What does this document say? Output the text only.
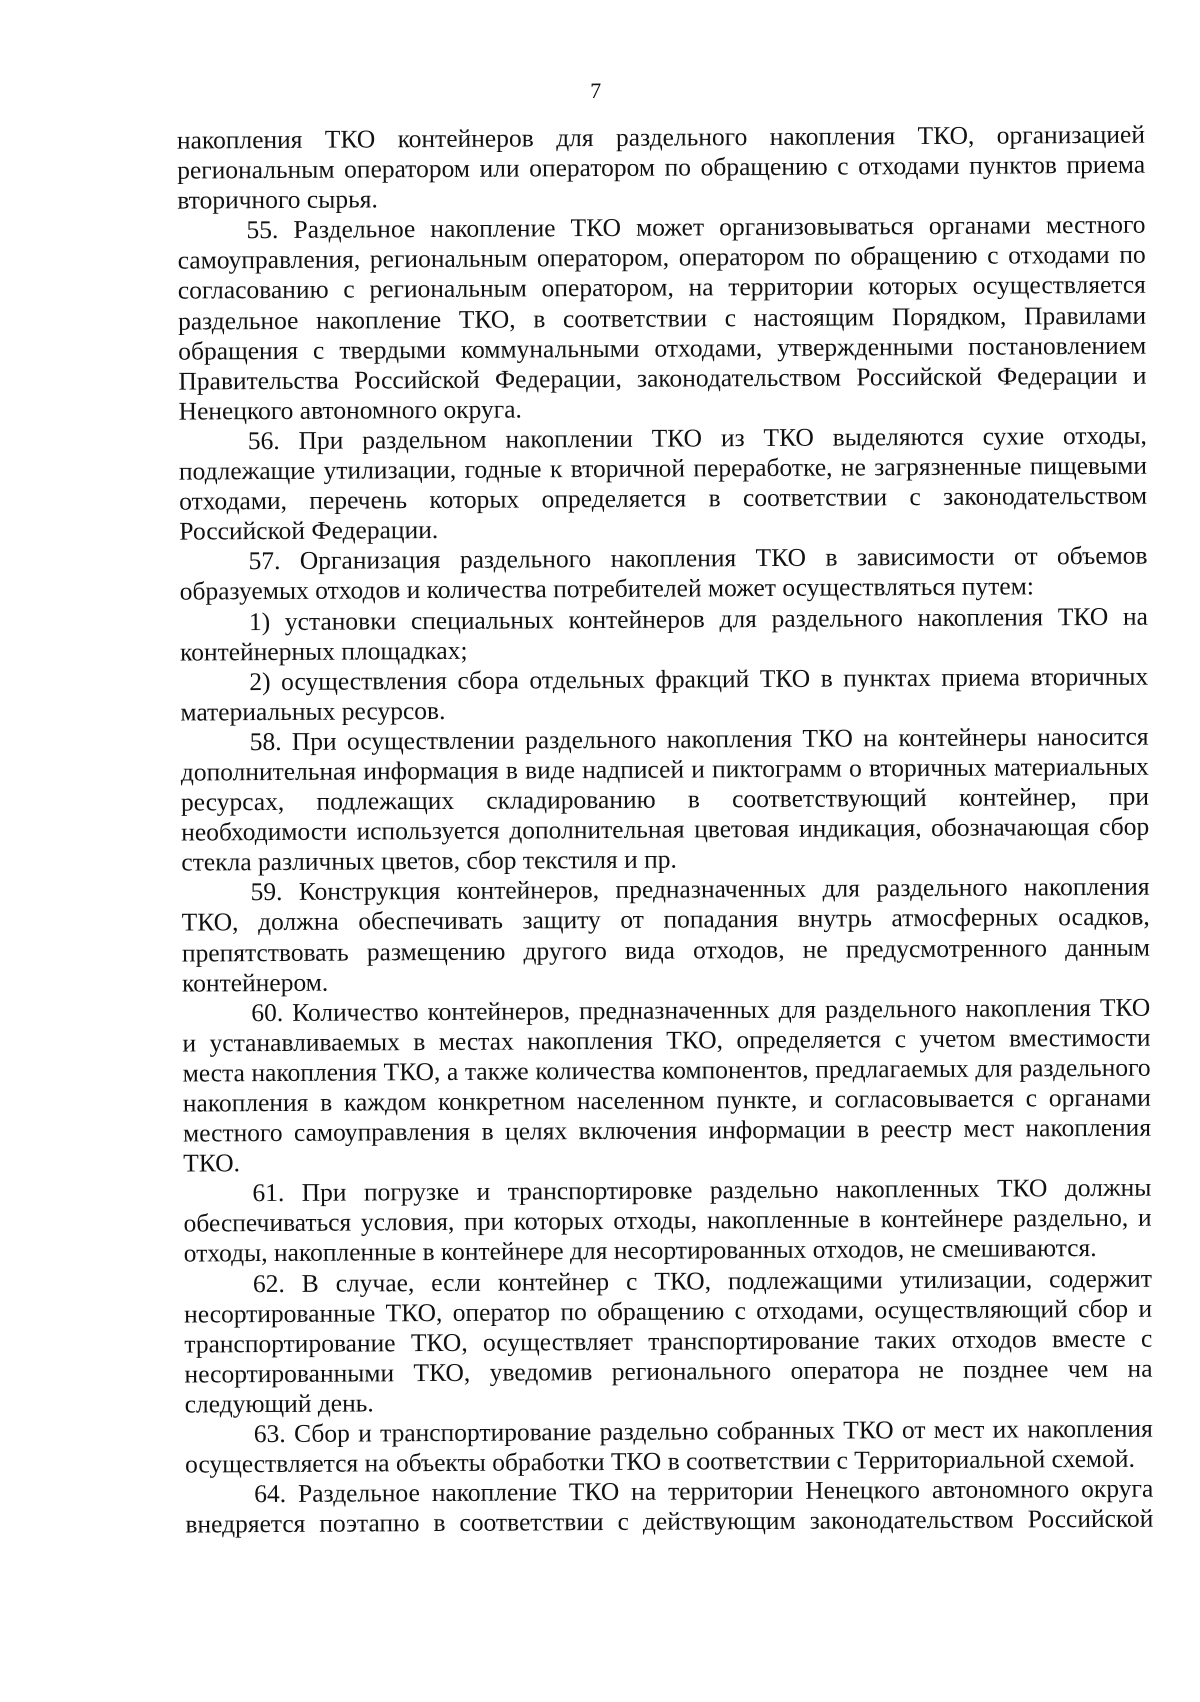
7

накопления ТКО контейнеров для раздельного накопления ТКО, организацией региональным оператором или оператором по обращению с отходами пунктов приема вторичного сырья.

55. Раздельное накопление ТКО может организовываться органами местного самоуправления, региональным оператором, оператором по обращению с отходами по согласованию с региональным оператором, на территории которых осуществляется раздельное накопление ТКО, в соответствии с настоящим Порядком, Правилами обращения с твердыми коммунальными отходами, утвержденными постановлением Правительства Российской Федерации, законодательством Российской Федерации и Ненецкого автономного округа.

56. При раздельном накоплении ТКО из ТКО выделяются сухие отходы, подлежащие утилизации, годные к вторичной переработке, не загрязненные пищевыми отходами, перечень которых определяется в соответствии с законодательством Российской Федерации.

57. Организация раздельного накопления ТКО в зависимости от объемов образуемых отходов и количества потребителей может осуществляться путем:

1) установки специальных контейнеров для раздельного накопления ТКО на контейнерных площадках;

2) осуществления сбора отдельных фракций ТКО в пунктах приема вторичных материальных ресурсов.

58. При осуществлении раздельного накопления ТКО на контейнеры наносится дополнительная информация в виде надписей и пиктограмм о вторичных материальных ресурсах, подлежащих складированию в соответствующий контейнер, при необходимости используется дополнительная цветовая индикация, обозначающая сбор стекла различных цветов, сбор текстиля и пр.

59. Конструкция контейнеров, предназначенных для раздельного накопления ТКО, должна обеспечивать защиту от попадания внутрь атмосферных осадков, препятствовать размещению другого вида отходов, не предусмотренного данным контейнером.

60. Количество контейнеров, предназначенных для раздельного накопления ТКО и устанавливаемых в местах накопления ТКО, определяется с учетом вместимости места накопления ТКО, а также количества компонентов, предлагаемых для раздельного накопления в каждом конкретном населенном пункте, и согласовывается с органами местного самоуправления в целях включения информации в реестр мест накопления ТКО.

61. При погрузке и транспортировке раздельно накопленных ТКО должны обеспечиваться условия, при которых отходы, накопленные в контейнере раздельно, и отходы, накопленные в контейнере для несортированных отходов, не смешиваются.

62. В случае, если контейнер с ТКО, подлежащими утилизации, содержит несортированные ТКО, оператор по обращению с отходами, осуществляющий сбор и транспортирование ТКО, осуществляет транспортирование таких отходов вместе с несортированными ТКО, уведомив регионального оператора не позднее чем на следующий день.

63. Сбор и транспортирование раздельно собранных ТКО от мест их накопления осуществляется на объекты обработки ТКО в соответствии с Территориальной схемой.

64. Раздельное накопление ТКО на территории Ненецкого автономного округа внедряется поэтапно в соответствии с действующим законодательством Российской
